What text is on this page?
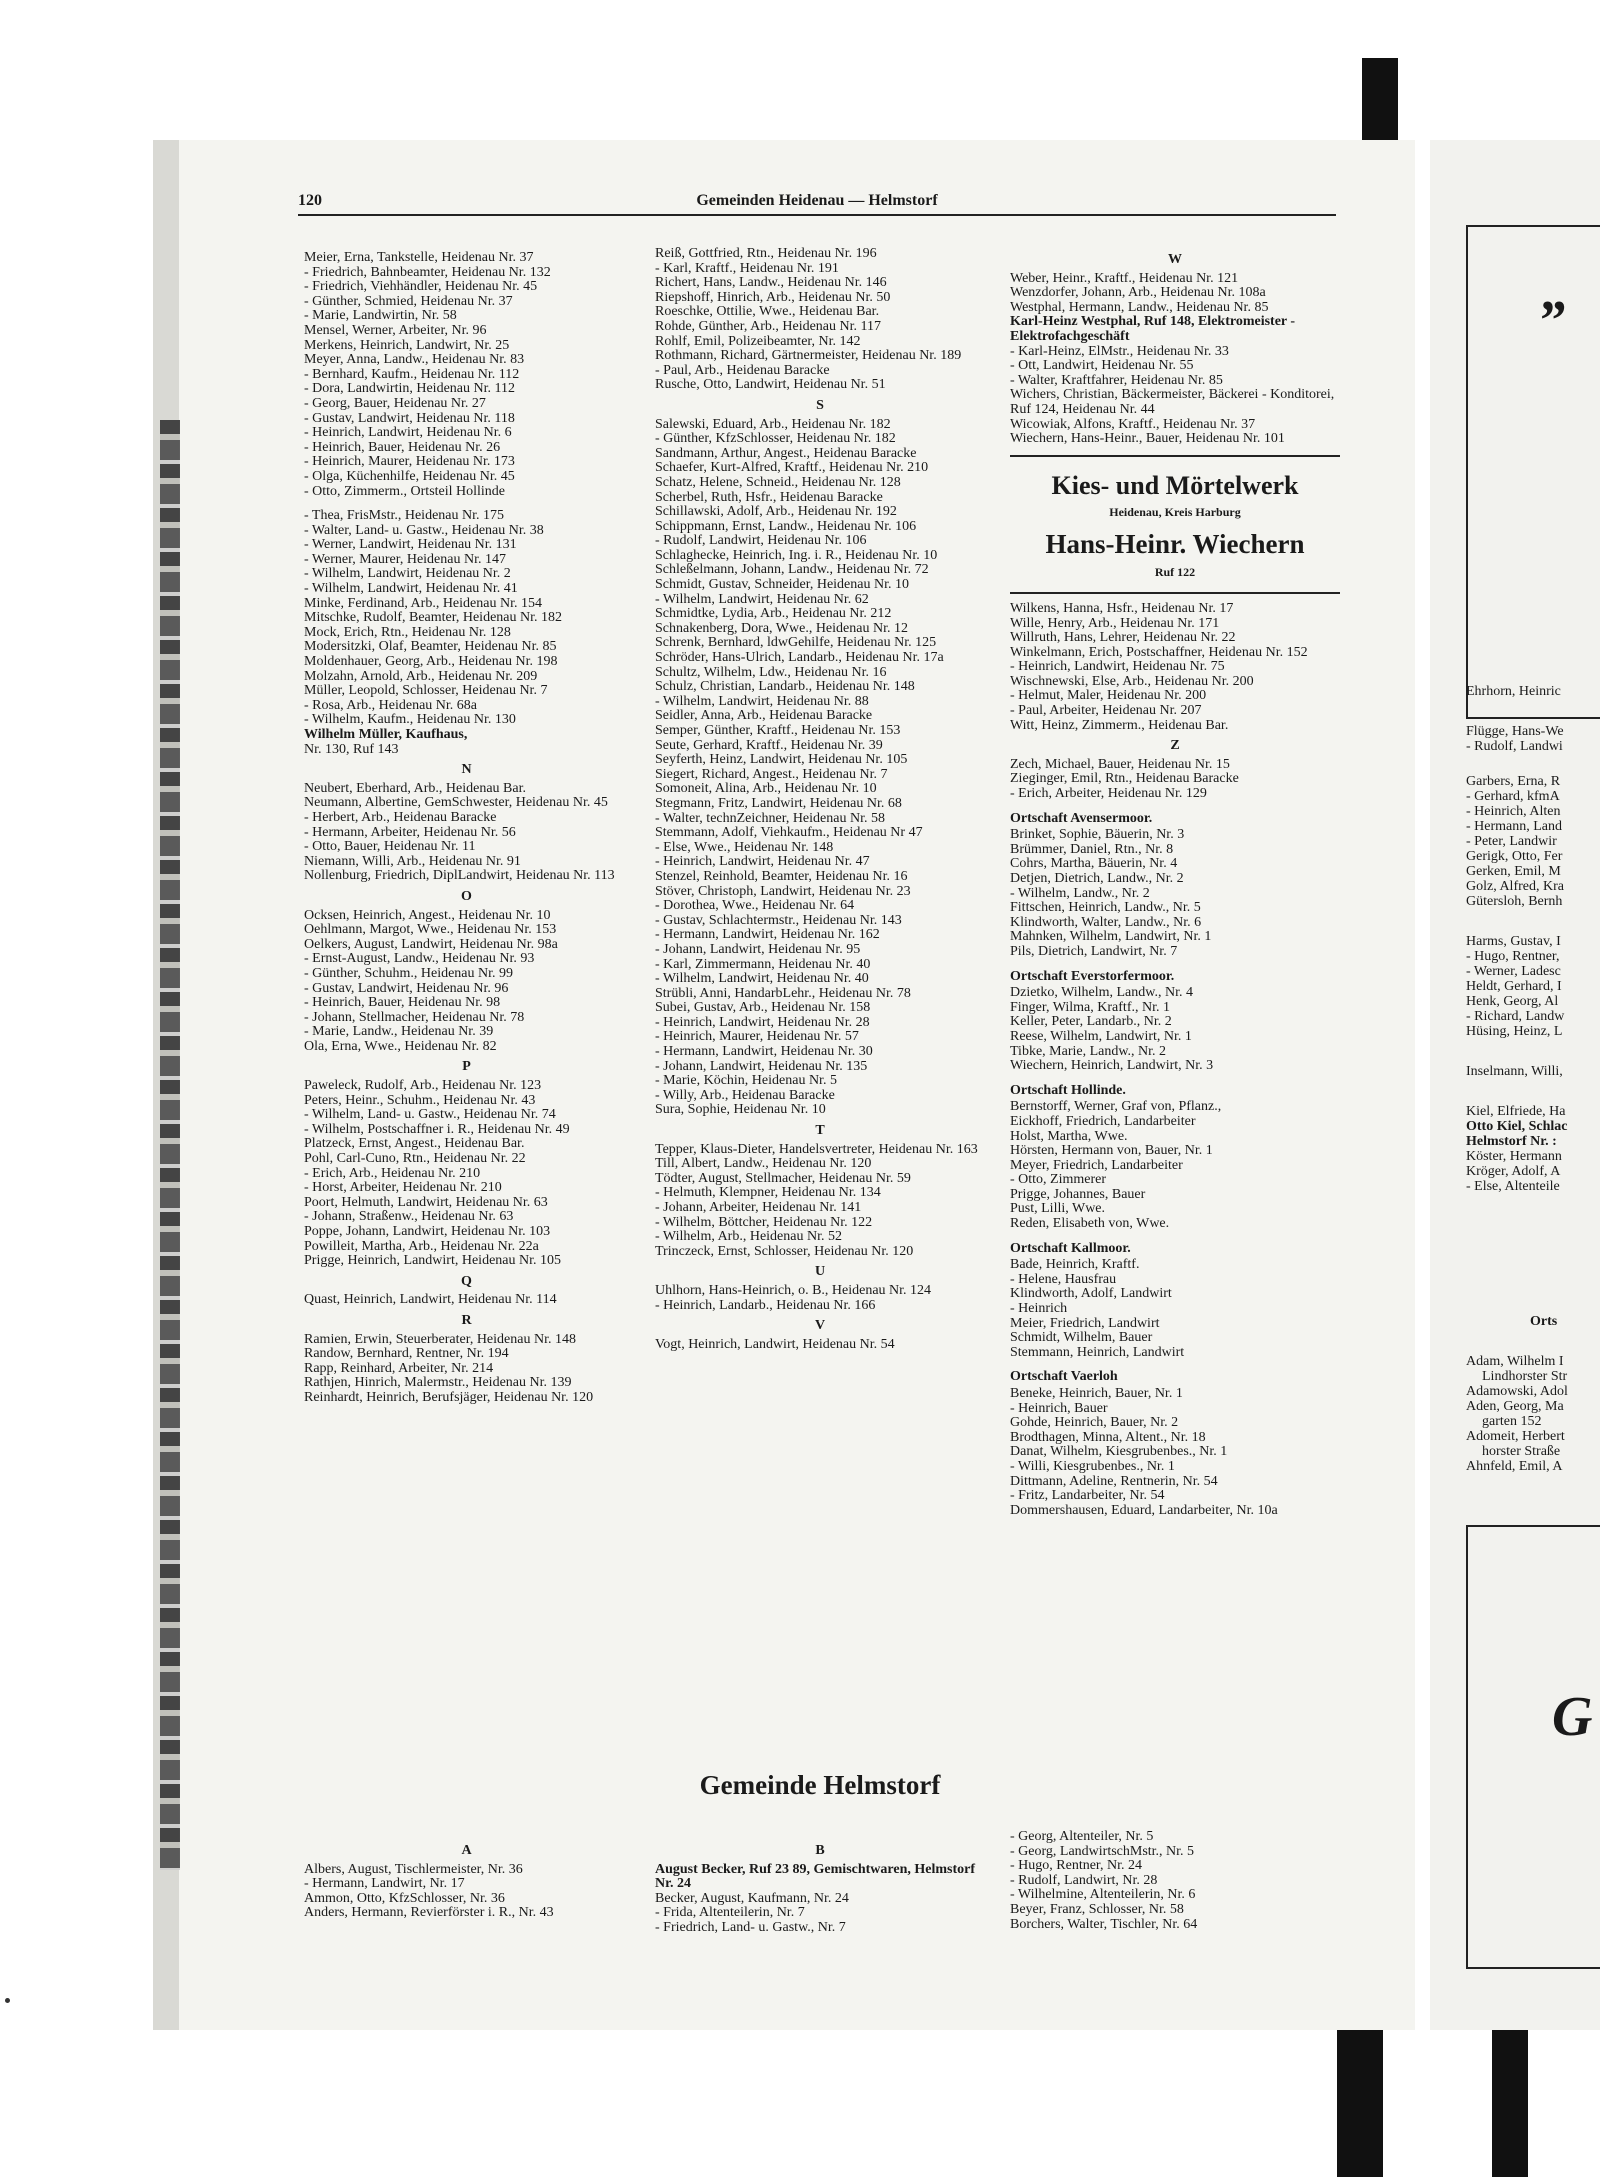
120	Gemeinden Heidenau — Helmstorf
Meier, Erna, Tankstelle, Heidenau Nr. 37
- Friedrich, Bahnbeamter, Heidenau Nr. 132
- Friedrich, Viehhändler, Heidenau Nr. 45
- Günther, Schmied, Heidenau Nr. 37
- Marie, Landwirtin, Nr. 58
Mensel, Werner, Arbeiter, Nr. 96
Merkens, Heinrich, Landwirt, Nr. 25
Meyer, Anna, Landw., Heidenau Nr. 83
- Bernhard, Kaufm., Heidenau Nr. 112
- Dora, Landwirtin, Heidenau Nr. 112
- Georg, Bauer, Heidenau Nr. 27
- Gustav, Landwirt, Heidenau Nr. 118
- Heinrich, Landwirt, Heidenau Nr. 6
- Heinrich, Bauer, Heidenau Nr. 26
- Heinrich, Maurer, Heidenau Nr. 173
- Olga, Küchenhilfe, Heidenau Nr. 45
- Otto, Zimmerm., Ortsteil Hollinde
- Thea, FrisMstr., Heidenau Nr. 175
- Walter, Land- u. Gastw., Heidenau Nr. 38
- Werner, Landwirt, Heidenau Nr. 131
- Werner, Maurer, Heidenau Nr. 147
- Wilhelm, Landwirt, Heidenau Nr. 2
- Wilhelm, Landwirt, Heidenau Nr. 41
Minke, Ferdinand, Arb., Heidenau Nr. 154
Mitschke, Rudolf, Beamter, Heidenau Nr. 182
Mock, Erich, Rtn., Heidenau Nr. 128
Modersitzki, Olaf, Beamter, Heidenau Nr. 85
Moldenhauer, Georg, Arb., Heidenau Nr. 198
Molzahn, Arnold, Arb., Heidenau Nr. 209
Müller, Leopold, Schlosser, Heidenau Nr. 7
- Rosa, Arb., Heidenau Nr. 68a
- Wilhelm, Kaufm., Heidenau Nr. 130
Wilhelm Müller, Kaufhaus,
Nr. 130, Ruf 143
N
Neubert, Eberhard, Arb., Heidenau Bar.
Neumann, Albertine, GemSchwester, Heidenau Nr. 45
- Herbert, Arb., Heidenau Baracke
- Hermann, Arbeiter, Heidenau Nr. 56
- Otto, Bauer, Heidenau Nr. 11
Niemann, Willi, Arb., Heidenau Nr. 91
Nollenburg, Friedrich, DiplLandwirt, Heidenau Nr. 113
O
Ocksen, Heinrich, Angest., Heidenau Nr. 10
Oehlmann, Margot, Wwe., Heidenau Nr. 153
Oelkers, August, Landwirt, Heidenau Nr. 98a
- Ernst-August, Landw., Heidenau Nr. 93
- Günther, Schuhm., Heidenau Nr. 99
- Gustav, Landwirt, Heidenau Nr. 96
- Heinrich, Bauer, Heidenau Nr. 98
- Johann, Stellmacher, Heidenau Nr. 78
- Marie, Landw., Heidenau Nr. 39
Ola, Erna, Wwe., Heidenau Nr. 82
P
Paweleck, Rudolf, Arb., Heidenau Nr. 123
Peters, Heinr., Schuhm., Heidenau Nr. 43
- Wilhelm, Land- u. Gastw., Heidenau Nr. 74
- Wilhelm, Postschaffner i. R., Heidenau Nr. 49
Platzeck, Ernst, Angest., Heidenau Bar.
Pohl, Carl-Cuno, Rtn., Heidenau Nr. 22
- Erich, Arb., Heidenau Nr. 210
- Horst, Arbeiter, Heidenau Nr. 210
Poort, Helmuth, Landwirt, Heidenau Nr. 63
- Johann, Straßenw., Heidenau Nr. 63
Poppe, Johann, Landwirt, Heidenau Nr. 103
Powilleit, Martha, Arb., Heidenau Nr. 22a
Prigge, Heinrich, Landwirt, Heidenau Nr. 105
Q
Quast, Heinrich, Landwirt, Heidenau Nr. 114
R
Ramien, Erwin, Steuerberater, Heidenau Nr. 148
Randow, Bernhard, Rentner, Nr. 194
Rapp, Reinhard, Arbeiter, Nr. 214
Rathjen, Hinrich, Malermstr., Heidenau Nr. 139
Reinhardt, Heinrich, Berufsjäger, Heidenau Nr. 120
Reiß, Gottfried, Rtn., Heidenau Nr. 196
- Karl, Kraftf., Heidenau Nr. 191
Richert, Hans, Landw., Heidenau Nr. 146
Riepshoff, Hinrich, Arb., Heidenau Nr. 50
Roeschke, Ottilie, Wwe., Heidenau Bar.
Rohde, Günther, Arb., Heidenau Nr. 117
Rohlf, Emil, Polizeibeamter, Nr. 142
Rothmann, Richard, Gärtnermeister, Heidenau Nr. 189
- Paul, Arb., Heidenau Baracke
Rusche, Otto, Landwirt, Heidenau Nr. 51
S
Salewski, Eduard, Arb., Heidenau Nr. 182
- Günther, KfzSchlosser, Heidenau Nr. 182
Sandmann, Arthur, Angest., Heidenau Baracke
Schaefer, Kurt-Alfred, Kraftf., Heidenau Nr. 210
Schatz, Helene, Schneid., Heidenau Nr. 128
Scherbel, Ruth, Hsfr., Heidenau Baracke
Schillawski, Adolf, Arb., Heidenau Nr. 192
Schippmann, Ernst, Landw., Heidenau Nr. 106
- Rudolf, Landwirt, Heidenau Nr. 106
Schlaghecke, Heinrich, Ing. i. R., Heidenau Nr. 10
Schleßelmann, Johann, Landw., Heidenau Nr. 72
Schmidt, Gustav, Schneider, Heidenau Nr. 10
- Wilhelm, Landwirt, Heidenau Nr. 62
Schmidtke, Lydia, Arb., Heidenau Nr. 212
Schnakenberg, Dora, Wwe., Heidenau Nr. 12
Schrenk, Bernhard, ldwGehilfe, Heidenau Nr. 125
Schröder, Hans-Ulrich, Landarb., Heidenau Nr. 17a
Schultz, Wilhelm, Ldw., Heidenau Nr. 16
Schulz, Christian, Landarb., Heidenau Nr. 148
- Wilhelm, Landwirt, Heidenau Nr. 88
Seidler, Anna, Arb., Heidenau Baracke
Semper, Günther, Kraftf., Heidenau Nr. 153
Seute, Gerhard, Kraftf., Heidenau Nr. 39
Seyferth, Heinz, Landwirt, Heidenau Nr. 105
Siegert, Richard, Angest., Heidenau Nr. 7
Somoneit, Alina, Arb., Heidenau Nr. 10
Stegmann, Fritz, Landwirt, Heidenau Nr. 68
- Walter, technZeichner, Heidenau Nr. 58
Stemmann, Adolf, Viehkaufm., Heidenau Nr 47
- Else, Wwe., Heidenau Nr. 148
- Heinrich, Landwirt, Heidenau Nr. 47
Stenzel, Reinhold, Beamter, Heidenau Nr. 16
Stöver, Christoph, Landwirt, Heidenau Nr. 23
- Dorothea, Wwe., Heidenau Nr. 64
- Gustav, Schlachtermstr., Heidenau Nr. 143
- Hermann, Landwirt, Heidenau Nr. 162
- Johann, Landwirt, Heidenau Nr. 95
- Karl, Zimmermann, Heidenau Nr. 40
- Wilhelm, Landwirt, Heidenau Nr. 40
Strübli, Anni, HandarbLehr., Heidenau Nr. 78
Subei, Gustav, Arb., Heidenau Nr. 158
- Heinrich, Landwirt, Heidenau Nr. 28
- Heinrich, Maurer, Heidenau Nr. 57
- Hermann, Landwirt, Heidenau Nr. 30
- Johann, Landwirt, Heidenau Nr. 135
- Marie, Köchin, Heidenau Nr. 5
- Willy, Arb., Heidenau Baracke
Sura, Sophie, Heidenau Nr. 10
T
Tepper, Klaus-Dieter, Handelsvertreter, Heidenau Nr. 163
Till, Albert, Landw., Heidenau Nr. 120
Tödter, August, Stellmacher, Heidenau Nr. 59
- Helmuth, Klempner, Heidenau Nr. 134
- Johann, Arbeiter, Heidenau Nr. 141
- Wilhelm, Böttcher, Heidenau Nr. 122
- Wilhelm, Arb., Heidenau Nr. 52
Trinczeck, Ernst, Schlosser, Heidenau Nr. 120
U
Uhlhorn, Hans-Heinrich, o. B., Heidenau Nr. 124
- Heinrich, Landarb., Heidenau Nr. 166
V
Vogt, Heinrich, Landwirt, Heidenau Nr. 54
W
Weber, Heinr., Kraftf., Heidenau Nr. 121
Wenzdorfer, Johann, Arb., Heidenau Nr. 108a
Westphal, Hermann, Landw., Heidenau Nr. 85
Karl-Heinz Westphal, Ruf 148, Elektromeister - Elektrofachgeschäft
- Karl-Heinz, ElMstr., Heidenau Nr. 33
- Ott, Landwirt, Heidenau Nr. 55
- Walter, Kraftfahrer, Heidenau Nr. 85
Wichers, Christian, Bäckermeister, Bäckerei - Konditorei, Ruf 124, Heidenau Nr. 44
Wicowiak, Alfons, Kraftf., Heidenau Nr. 37
Wiechern, Hans-Heinr., Bauer, Heidenau Nr. 101
Kies- und Mörtelwerk
Heidenau, Kreis Harburg
Hans-Heinr. Wiechern
Ruf 122
Wilkens, Hanna, Hsfr., Heidenau Nr. 17
Wille, Henry, Arb., Heidenau Nr. 171
Willruth, Hans, Lehrer, Heidenau Nr. 22
Winkelmann, Erich, Postschaffner, Heidenau Nr. 152
- Heinrich, Landwirt, Heidenau Nr. 75
Wischnewski, Else, Arb., Heidenau Nr. 200
- Helmut, Maler, Heidenau Nr. 200
- Paul, Arbeiter, Heidenau Nr. 207
Witt, Heinz, Zimmerm., Heidenau Bar.
Z
Zech, Michael, Bauer, Heidenau Nr. 15
Zieginger, Emil, Rtn., Heidenau Baracke
- Erich, Arbeiter, Heidenau Nr. 129
Ortschaft Avensermoor.
Brinket, Sophie, Bäuerin, Nr. 3
Brümmer, Daniel, Rtn., Nr. 8
Cohrs, Martha, Bäuerin, Nr. 4
Detjen, Dietrich, Landw., Nr. 2
- Wilhelm, Landw., Nr. 2
Fittschen, Heinrich, Landw., Nr. 5
Klindworth, Walter, Landw., Nr. 6
Mahnken, Wilhelm, Landwirt, Nr. 1
Pils, Dietrich, Landwirt, Nr. 7
Ortschaft Everstorfermoor.
Dzietko, Wilhelm, Landw., Nr. 4
Finger, Wilma, Kraftf., Nr. 1
Keller, Peter, Landarb., Nr. 2
Reese, Wilhelm, Landwirt, Nr. 1
Tibke, Marie, Landw., Nr. 2
Wiechern, Heinrich, Landwirt, Nr. 3
Ortschaft Hollinde.
Bernstorff, Werner, Graf von, Pflanz.,
Eickhoff, Friedrich, Landarbeiter
Holst, Martha, Wwe.
Hörsten, Hermann von, Bauer, Nr. 1
Meyer, Friedrich, Landarbeiter
- Otto, Zimmerer
Prigge, Johannes, Bauer
Pust, Lilli, Wwe.
Reden, Elisabeth von, Wwe.
Ortschaft Kallmoor.
Bade, Heinrich, Kraftf.
- Helene, Hausfrau
Klindworth, Adolf, Landwirt
- Heinrich
Meier, Friedrich, Landwirt
Schmidt, Wilhelm, Bauer
Stemmann, Heinrich, Landwirt
Ortschaft Vaerloh
Beneke, Heinrich, Bauer, Nr. 1
- Heinrich, Bauer
Gohde, Heinrich, Bauer, Nr. 2
Brodthagen, Minna, Altent., Nr. 18
Danat, Wilhelm, Kiesgrubenbes., Nr. 1
- Willi, Kiesgrubenbes., Nr. 1
Dittmann, Adeline, Rentnerin, Nr. 54
- Fritz, Landarbeiter, Nr. 54
Dommershausen, Eduard, Landarbeiter, Nr. 10a
Gemeinde Helmstorf
A
Albers, August, Tischlermeister, Nr. 36
- Hermann, Landwirt, Nr. 17
Ammon, Otto, KfzSchlosser, Nr. 36
Anders, Hermann, Revierförster i. R., Nr. 43
B
August Becker, Ruf 23 89, Gemischtwaren, Helmstorf Nr. 24
Becker, August, Kaufmann, Nr. 24
- Frida, Altenteilerin, Nr. 7
- Friedrich, Land- u. Gastw., Nr. 7
- Georg, Altenteiler, Nr. 5
- Georg, LandwirtschMstr., Nr. 5
- Hugo, Rentner, Nr. 24
- Rudolf, Landwirt, Nr. 28
- Wilhelmine, Altenteilerin, Nr. 6
Beyer, Franz, Schlosser, Nr. 58
Borchers, Walter, Tischler, Nr. 64
„
G
Ehrhorn, Heinric
Flügge, Hans-We
- Rudolf, Landwi
Garbers, Erna, R
- Gerhard, kfmA
- Heinrich, Alten
- Hermann, Land
- Peter, Landwir
Gerigk, Otto, Fer
Gerken, Emil, M
Golz, Alfred, Kra
Gütersloh, Bernh
Harms, Gustav, I
- Hugo, Rentner,
- Werner, Ladesc
Heldt, Gerhard, I
Henk, Georg, Al
- Richard, Landw
Hüsing, Heinz, L
Inselmann, Willi,
Kiel, Elfriede, Ha
Otto Kiel, Schlac
Helmstorf Nr. :
Köster, Hermann
Kröger, Adolf, A
- Else, Altenteile
Orts
Adam, Wilhelm I
Lindhorster Str
Adamowski, Adol
Aden, Georg, Ma
garten 152
Adomeit, Herbert
horster Straße
Ahnfeld, Emil, A
